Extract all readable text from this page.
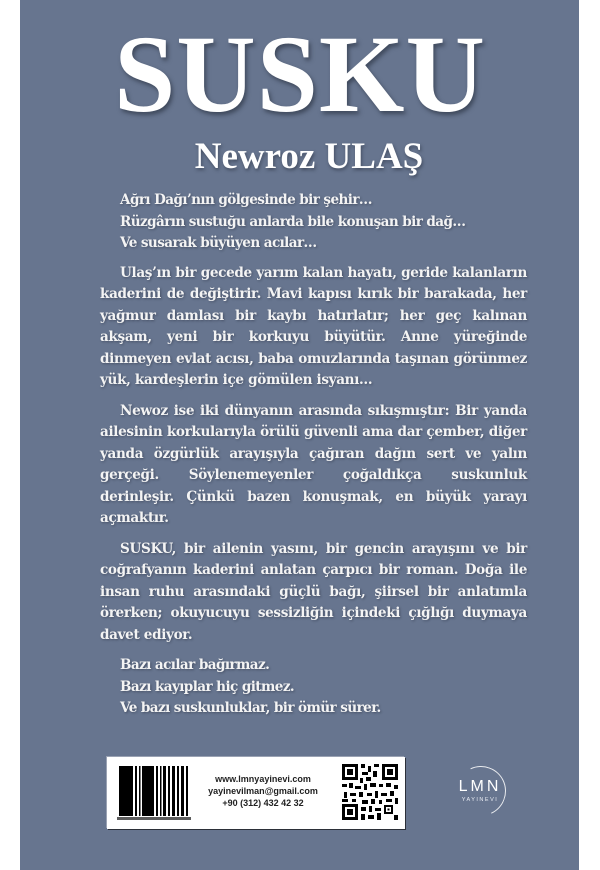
SUSKU
Newroz ULAŞ
Ağrı Dağı’nın gölgesinde bir şehir…
Rüzgârın sustuğu anlarda bile konuşan bir dağ…
Ve susarak büyüyen acılar…

Ulaş’ın bir gecede yarım kalan hayatı, geride kalanların kaderini de değiştirir. Mavi kapısı kırık bir barakada, her yağmur damlası bir kaybı hatırlatır; her geç kalınan akşam, yeni bir korkuyu büyütür. Anne yüreğinde dinmeyen evlat acısı, baba omuzlarında taşınan görünmez yük, kardeşlerin içe gömülen isyanı…

Newoz ise iki dünyanın arasında sıkışmıştır: Bir yanda ailesinin korkularıyla örülü güvenli ama dar çember, diğer yanda özgürlük arayışıyla çağıran dağın sert ve yalın gerçeği. Söylenemeyenler çoğaldıkça suskunluk derinleşir. Çünkü bazen konuşmak, en büyük yarayı açmaktır.

SUSKU, bir ailenin yasını, bir gencin arayışını ve bir coğrafyanın kaderini anlatan çarpıcı bir roman. Doğa ile insan ruhu arasındaki güçlü bağı, şiirsel bir anlatımla örerken; okuyucuyu sessizliğin içindeki çığlığı duymaya davet ediyor.

Bazı acılar bağırmaz.
Bazı kayıplar hiç gitmez.
Ve bazı suskunluklar, bir ömür sürer.
www.lmnyayinevi.com
yayinevilman@gmail.com
+90 (312) 432 42 32
LMN
YAYINEVI
